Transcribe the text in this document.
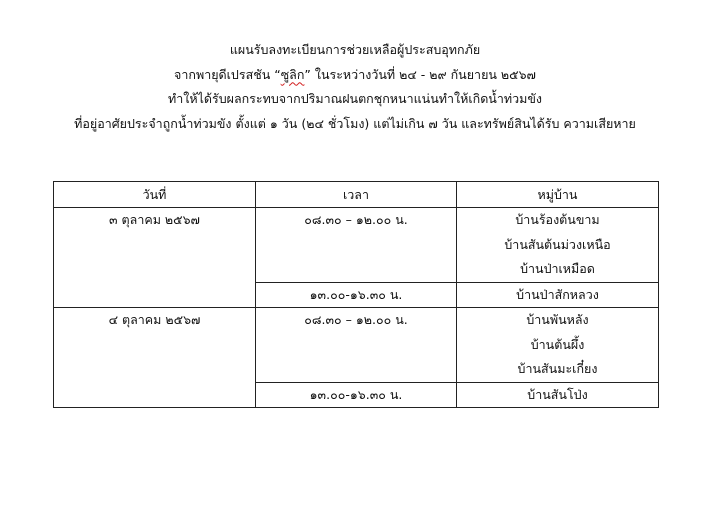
แผนรับลงทะเบียนการช่วยเหลือผู้ประสบอุทกภัย
จากพายุดีเปรสชัน “ซูลิก” ในระหว่างวันที่ ๒๔ - ๒๙ กันยายน ๒๕๖๗
ทำให้ได้รับผลกระทบจากปริมาณฝนตกชุกหนาแน่นทำให้เกิดน้ำท่วมขัง
ที่อยู่อาศัยประจำถูกน้ำท่วมขัง ตั้งแต่ ๑ วัน (๒๔ ชั่วโมง) แต่ไม่เกิน ๗ วัน และทรัพย์สินได้รับ ความเสียหาย
วันที่	เวลา	หมู่บ้าน
๓ ตุลาคม ๒๕๖๗	๐๘.๓๐ – ๑๒.๐๐ น.	บ้านร้องต้นขาม
บ้านสันต้นม่วงเหนือ
บ้านป่าเหมือด

	๑๓.๐๐-๑๖.๓๐ น.	บ้านป่าสักหลวง

๔ ตุลาคม ๒๕๖๗	๐๘.๓๐ – ๑๒.๐๐ น.	บ้านพันหลัง
บ้านต้นผึ้ง
บ้านสันมะเกี๋ยง

	๑๓.๐๐-๑๖.๓๐ น.	บ้านสันโป่ง
